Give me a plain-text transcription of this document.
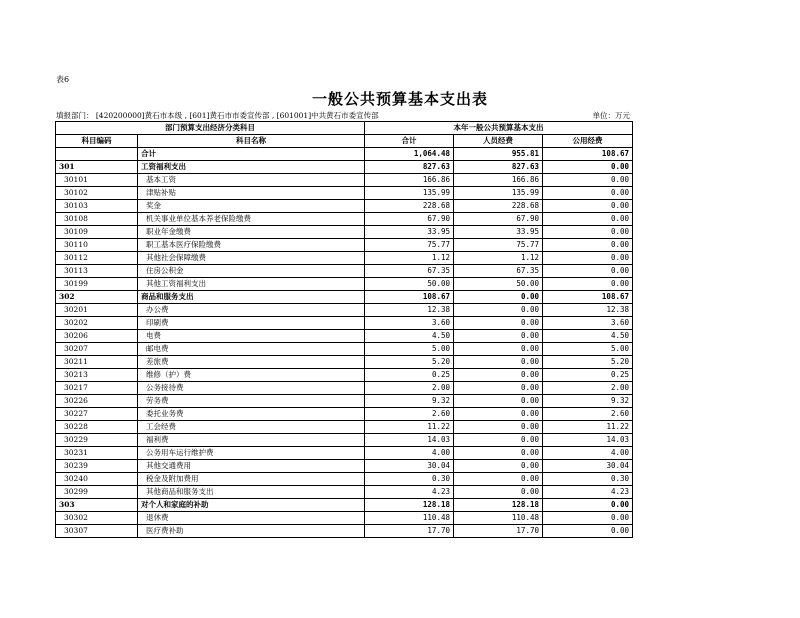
表6
一般公共预算基本支出表
填报部门： [420200000]黄石市本级 , [601]黄石市市委宣传部 , [601001]中共黄石市委宣传部	单位：万元
部门预算支出经济分类科目		本年一般公共预算基本支出		
科目编码	科目名称	合计	人员经费	公用经费
	合计	1,064.48	955.81	108.67
301	工资福利支出	827.63	827.63	0.00
30101	基本工资	166.86	166.86	0.00
30102	津贴补贴	135.99	135.99	0.00
30103	奖金	228.68	228.68	0.00
30108	机关事业单位基本养老保险缴费	67.90	67.90	0.00
30109	职业年金缴费	33.95	33.95	0.00
30110	职工基本医疗保险缴费	75.77	75.77	0.00
30112	其他社会保障缴费	1.12	1.12	0.00
30113	住房公积金	67.35	67.35	0.00
30199	其他工资福利支出	50.00	50.00	0.00
302	商品和服务支出	108.67	0.00	108.67
30201	办公费	12.38	0.00	12.38
30202	印刷费	3.60	0.00	3.60
30206	电费	4.50	0.00	4.50
30207	邮电费	5.00	0.00	5.00
30211	差旅费	5.20	0.00	5.20
30213	维修（护）费	0.25	0.00	0.25
30217	公务接待费	2.00	0.00	2.00
30226	劳务费	9.32	0.00	9.32
30227	委托业务费	2.60	0.00	2.60
30228	工会经费	11.22	0.00	11.22
30229	福利费	14.03	0.00	14.03
30231	公务用车运行维护费	4.00	0.00	4.00
30239	其他交通费用	30.04	0.00	30.04
30240	税金及附加费用	0.30	0.00	0.30
30299	其他商品和服务支出	4.23	0.00	4.23
303	对个人和家庭的补助	128.18	128.18	0.00
30302	退休费	110.48	110.48	0.00
30307	医疗费补助	17.70	17.70	0.00
